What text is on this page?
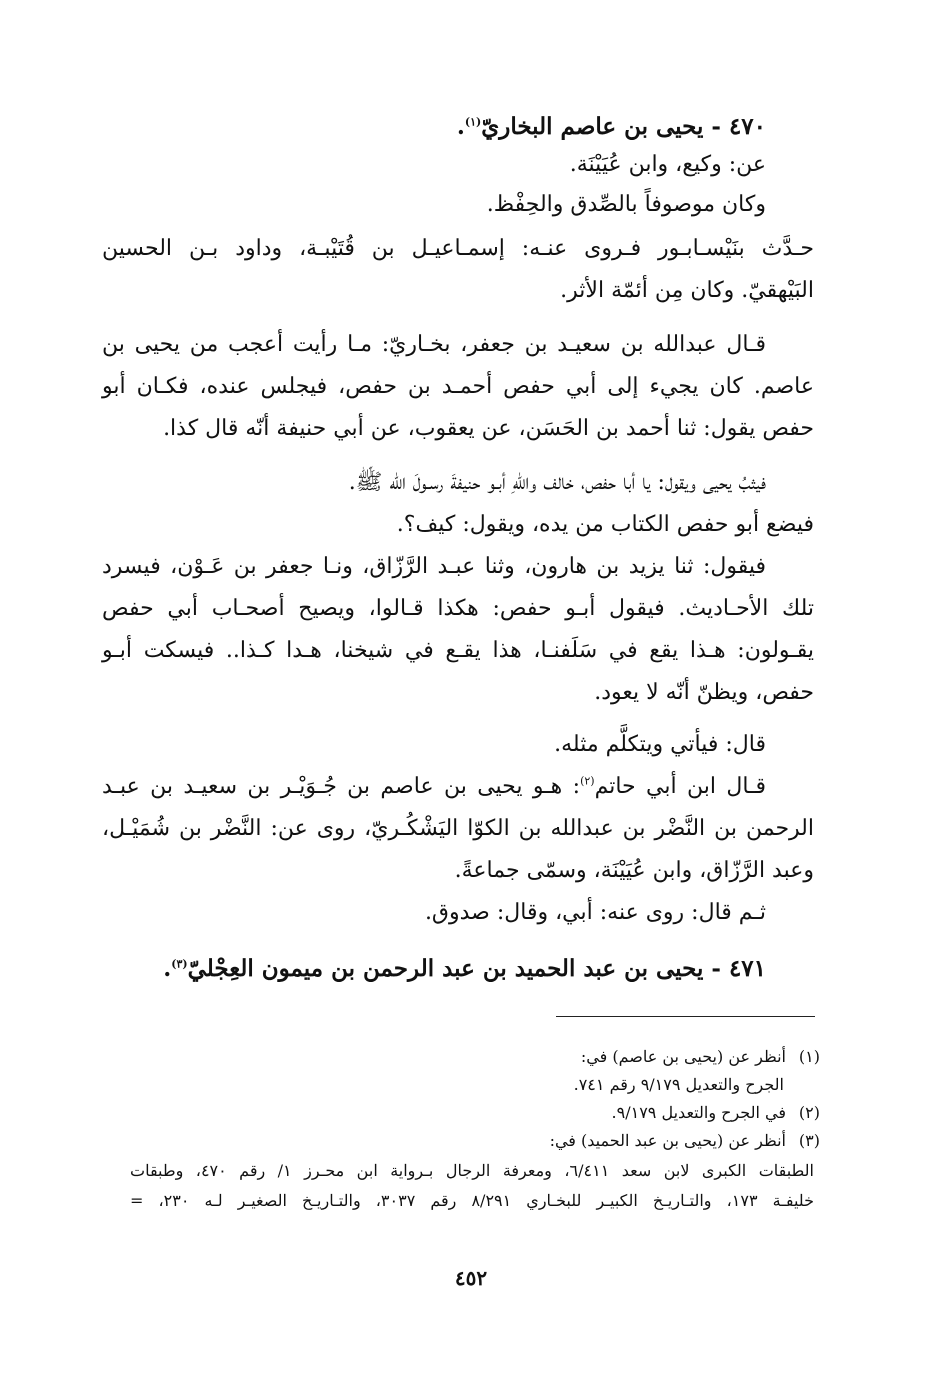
٤٧٠ - يحيى بن عاصم البخاريّ$^{(١)}$.
عن: وكيع، وابن عُيَيْنَة.
وكان موصوفاً بالصِّدق والحِفْظ.
حـدَّث بنَيْسـابـور فـروى عنـه: إسمـاعيـل بن قُتَيْبـة، وداود بـن الحسين
البَيْهقيّ. وكان مِن أئمّة الأثر.
قـال عبدالله بن سعيـد بن جعفر، بخـاريّ: مـا رأيت أعجب من يحيى بن
عاصم. كان يجيء إلى أبي حفص أحمـد بن حفص، فيجلس عنده، فكـان أبو
حفص يقول: ثنا أحمد بن الحَسَن، عن يعقوب، عن أبي حنيفة أنّه قال كذا.
فيثبُ يحيى ويقول: يا أبا حفص، خالف واللهِ أبـو حنيفةَ رسـولَ الله ﷺ.
فيضع أبو حفص الكتاب من يده، ويقول: كيف؟.
فيقول: ثنا يزيد بن هارون، وثنا عبـد الرَّزّاق، ونـا جعفر بن عَـوْن، فيسرد
تلك الأحـاديث. فيقول أبـو حفص: هكذا قـالوا، ويصيح أصحـاب أبي حفص
يقـولون: هـذا يقع في سَلَفنـا، هذا يقـع في شيخنا، هـدا كـذا.. فيسكت أبـو
حفص، ويظنّ أنّه لا يعود.
قال: فيأتي ويتكلَّم مثله.
قـال ابن أبي حاتم$^{(٢)}$: هـو يحيى بن عاصم بن جُـوَيْـر بن سعيـد بن عبـد
الرحمن بن النَّضْر بن عبدالله بن الكوّا اليَشْكُـريّ، روى عن: النَّضْر بن شُمَيْـل،
وعبد الرَّزّاق، وابن عُيَيْنَة، وسمّى جماعةً.
ثـم قال: روى عنه: أبي، وقال: صدوق.
٤٧١ - يحيى بن عبد الحميد بن عبد الرحمن بن ميمون العِجْليّ$^{(٣)}$.
(١)أنظر عن (يحيى بن عاصم) في:
الجرح والتعديل ٩/١٧٩ رقم ٧٤١.
(٢)في الجرح والتعديل ٩/١٧٩.
(٣)أنظر عن (يحيى بن عبد الحميد) في:
الطبقات الكبرى لابن سعد ٦/٤١١، ومعرفة الرجال بـرواية ابن محـرز ١/ رقم ٤٧٠، وطبقات
خليفـة ١٧٣، والتـاريـخ الكبيـر للبخـاري ٨/٢٩١ رقم ٣٠٣٧، والتـاريـخ الصغيـر لـه ٢٣٠، =
٤٥٢
